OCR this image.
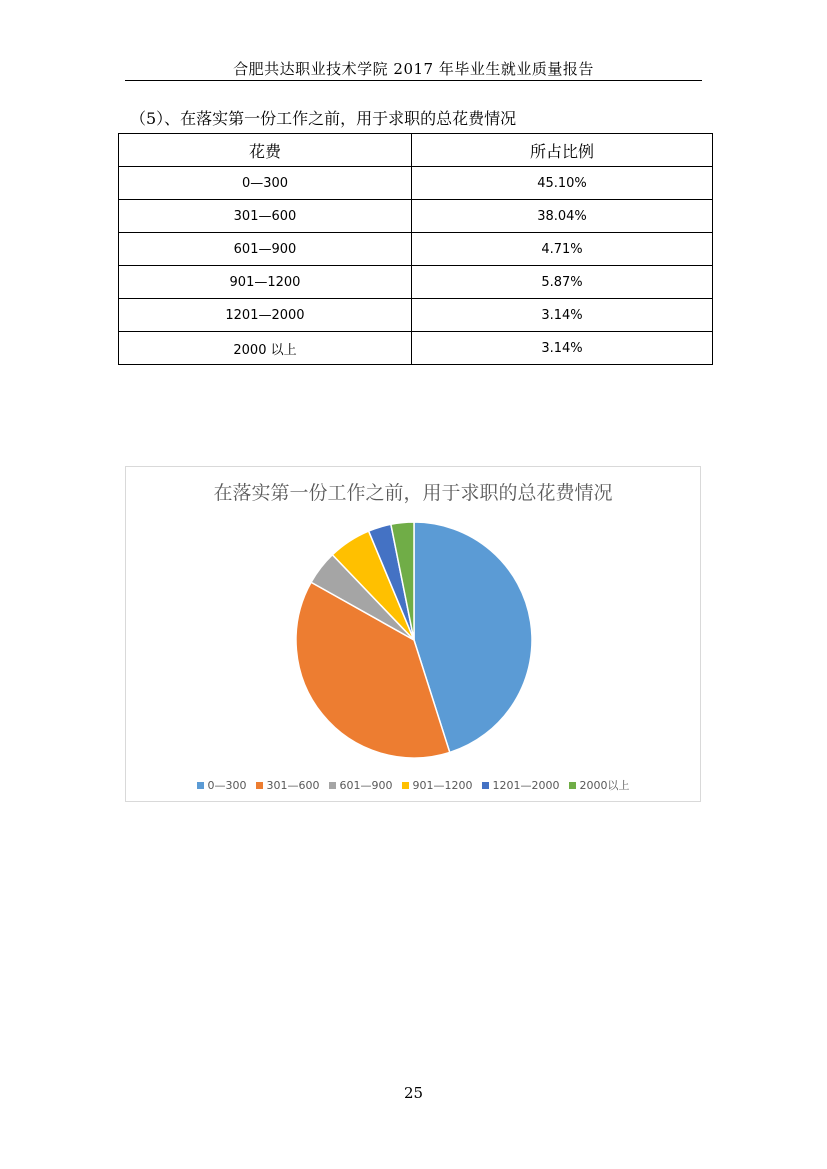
合肥共达职业技术学院 2017 年毕业生就业质量报告
（5）、在落实第一份工作之前，用于求职的总花费情况
花费	所占比例
0—300	45.10%
301—600	38.04%
601—900	4.71%
901—1200	5.87%
1201—2000	3.14%
2000 以上	3.14%
在落实第一份工作之前，用于求职的总花费情况
0—300 301—600 601—900 901—1200 1201—2000 2000以上
25
